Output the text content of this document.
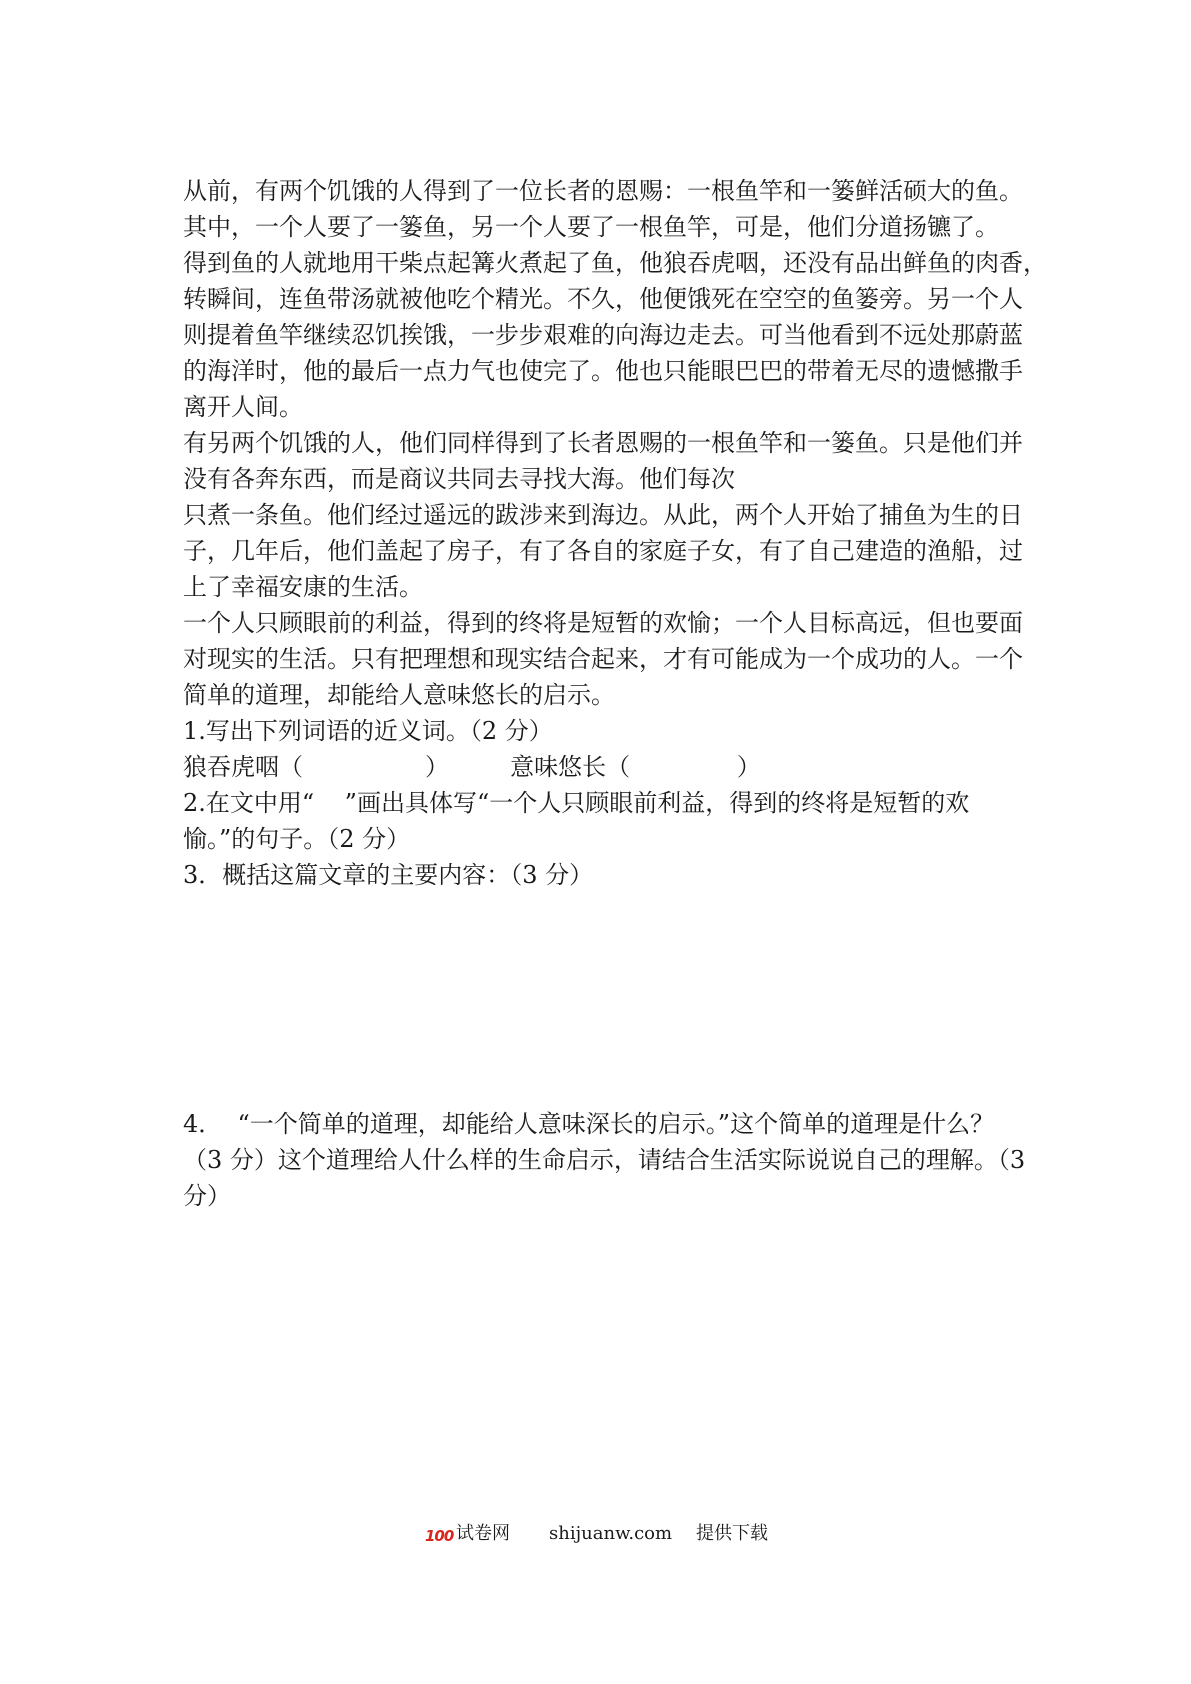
从前，有两个饥饿的人得到了一位长者的恩赐：一根鱼竿和一篓鲜活硕大的鱼。
其中，一个人要了一篓鱼，另一个人要了一根鱼竿，可是，他们分道扬镳了。
得到鱼的人就地用干柴点起篝火煮起了鱼，他狼吞虎咽，还没有品出鲜鱼的肉香，
转瞬间，连鱼带汤就被他吃个精光。不久，他便饿死在空空的鱼篓旁。另一个人
则提着鱼竿继续忍饥挨饿，一步步艰难的向海边走去。可当他看到不远处那蔚蓝
的海洋时，他的最后一点力气也使完了。他也只能眼巴巴的带着无尽的遗憾撒手
离开人间。
有另两个饥饿的人，他们同样得到了长者恩赐的一根鱼竿和一篓鱼。只是他们并
没有各奔东西，而是商议共同去寻找大海。他们每次
只煮一条鱼。他们经过遥远的跋涉来到海边。从此，两个人开始了捕鱼为生的日
子，几年后，他们盖起了房子，有了各自的家庭子女，有了自己建造的渔船，过
上了幸福安康的生活。
一个人只顾眼前的利益，得到的终将是短暂的欢愉；一个人目标高远，但也要面
对现实的生活。只有把理想和现实结合起来，才有可能成为一个成功的人。一个
简单的道理，却能给人意味悠长的启示。
1.写出下列词语的近义词。（2 分）
狼吞虎咽（                ）        意味悠长（              ）
2.在文中用“    ”画出具体写“一个人只顾眼前利益，得到的终将是短暂的欢
愉。”的句子。（2 分）
3．概括这篇文章的主要内容：（3 分）
4．  “一个简单的道理，却能给人意味深长的启示。”这个简单的道理是什么？
（3 分）这个道理给人什么样的生命启示，请结合生活实际说说自己的理解。（3
分）

100

试卷网

shijuanw.com

提供下载
